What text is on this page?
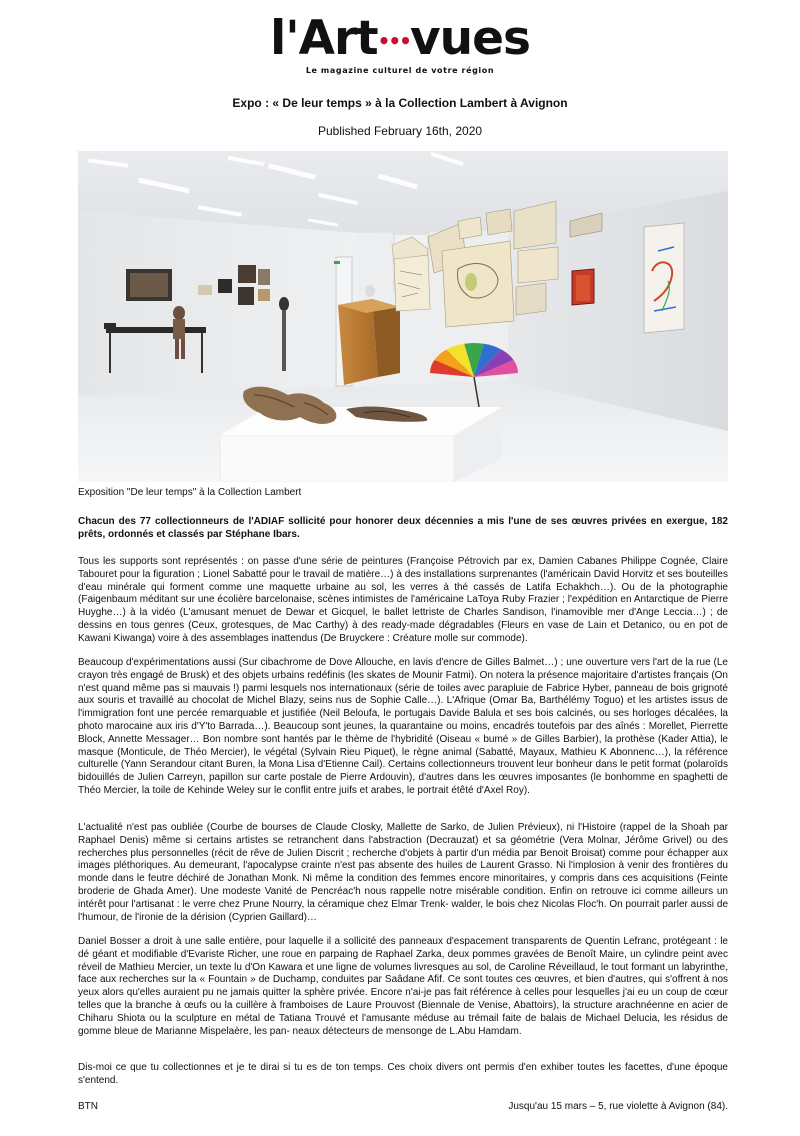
l'Art•••vues
Le magazine culturel de votre région
Expo : « De leur temps » à la Collection Lambert à Avignon
Published February 16th, 2020
Exposition "De leur temps" à la Collection Lambert

Chacun des 77 collectionneurs de l'ADIAF sollicité pour honorer deux décennies a mis l'une de ses œuvres privées en exergue, 182 prêts, ordonnés et classés par Stéphane Ibars.

Tous les supports sont représentés : on passe d'une série de peintures (Françoise Pétrovich par ex, Damien Cabanes Philippe Cognée, Claire Tabouret pour la figuration ; Lionel Sabatté pour le travail de matière…) à des installations surprenantes (l'américain David Horvitz et ses bouteilles d'eau minérale qui forment comme une maquette urbaine au sol, les verres à thé cassés de Latifa Echakhch…). Ou de la photographie (Faigenbaum méditant sur une écolière barcelonaise, scènes intimistes de l'américaine LaToya Ruby Frazier ; l'expédition en Antarctique de Pierre Huyghe…) à la vidéo (L'amusant menuet de Dewar et Gicquel, le ballet lettriste de Charles Sandison, l'inamovible mer d'Ange Leccia…) ; de dessins en tous genres (Ceux, grotesques, de Mac Carthy) à des ready-made dégradables (Fleurs en vase de Lain et Detanico, ou en pot de Kawani Kiwanga) voire à des assemblages inattendus (De Bruyckere : Créature molle sur commode).

Beaucoup d'expérimentations aussi (Sur cibachrome de Dove Allouche, en lavis d'encre de Gilles Balmet…) ; une ouverture vers l'art de la rue (Le crayon très engagé de Brusk) et des objets urbains redéfinis (les skates de Mounir Fatmi). On notera la présence majoritaire d'artistes français (On n'est quand même pas si mauvais !) parmi lesquels nos internationaux (série de toiles avec parapluie de Fabrice Hyber, panneau de bois grignoté aux souris et travaillé au chocolat de Michel Blazy, seins nus de Sophie Calle…). L'Afrique (Omar Ba, Barthélémy Toguo) et les artistes issus de l'immigration font une percée remarquable et justifiée (Neil Beloufa, le portugais Davide Balula et ses bois calcinés, ou ses horloges décalées, la photo marocaine aux iris d'Y'to Barrada…). Beaucoup sont jeunes, la quarantaine ou moins, encadrés toutefois par des aînés : Morellet, Pierrette Block, Annette Messager… Bon nombre sont hantés par le thème de l'hybridité (Oiseau « bumé » de Gilles Barbier), la prothèse (Kader Attia), le masque (Monticule, de Théo Mercier), le végétal (Sylvain Rieu Piquet), le règne animal (Sabatté, Mayaux, Mathieu K Abonnenc…), la référence culturelle (Yann Serandour citant Buren, la Mona Lisa d'Etienne Cail). Certains collectionneurs trouvent leur bonheur dans le petit format (polaroïds bidouillés de Julien Carreyn, papillon sur carte postale de Pierre Ardouvin), d'autres dans les œuvres imposantes (le bonhomme en spaghetti de Théo Mercier, la toile de Kehinde Weley sur le conflit entre juifs et arabes, le portrait étêté d'Axel Roy).

L'actualité n'est pas oubliée (Courbe de bourses de Claude Closky, Mallette de Sarko, de Julien Prévieux), ni l'Histoire (rappel de la Shoah par Raphael Denis) même si certains artistes se retranchent dans l'abstraction (Decrauzat) et sa géométrie (Vera Molnar, Jérôme Grivel) ou des recherches plus personnelles (récit de rêve de Julien Discrit ; recherche d'objets à partir d'un média par Benoit Broisat) comme pour échapper aux images pléthoriques. Au demeurant, l'apocalypse crainte n'est pas absente des huiles de Laurent Grasso. Ni l'implosion à venir des frontières du monde dans le feutre déchiré de Jonathan Monk. Ni même la condition des femmes encore minoritaires, y compris dans ces acquisitions (Feinte broderie de Ghada Amer). Une modeste Vanité de Pencréac'h nous rappelle notre misérable condition. Enfin on retrouve ici comme ailleurs un intérêt pour l'artisanat : le verre chez Prune Nourry, la céramique chez Elmar Trenk- walder, le bois chez Nicolas Floc'h. On pourrait parler aussi de l'humour, de l'ironie de la dérision (Cyprien Gaillard)…

Daniel Bosser a droit à une salle entière, pour laquelle il a sollicité des panneaux d'espacement transparents de Quentin Lefranc, protégeant : le dé géant et modifiable d'Evariste Richer, une roue en parpaing de Raphael Zarka, deux pommes gravées de Benoît Maire, un cylindre peint avec réveil de Mathieu Mercier, un texte lu d'On Kawara et une ligne de volumes livresques au sol, de Caroline Réveillaud, le tout formant un labyrinthe, face aux recherches sur la « Fountain » de Duchamp, conduites par Saâdane Afif. Ce sont toutes ces œuvres, et bien d'autres, qui s'offrent à nos yeux alors qu'elles auraient pu ne jamais quitter la sphère privée. Encore n'ai-je pas fait référence à celles pour lesquelles j'ai eu un coup de cœur telles que la branche à œufs ou la cuillère à framboises de Laure Prouvost (Biennale de Venise, Abattoirs), la structure arachnéenne en acier de Chiharu Shiota ou la sculpture en métal de Tatiana Trouvé et l'amusante méduse au trémail faite de balais de Michael Delucia, les résidus de gomme bleue de Marianne Mispelaère, les pan- neaux détecteurs de mensonge de L.Abu Hamdam.

Dis-moi ce que tu collectionnes et je te dirai si tu es de ton temps. Ces choix divers ont permis d'en exhiber toutes les facettes, d'une époque s'entend.

BTN	Jusqu'au 15 mars – 5, rue violette à Avignon (84).
